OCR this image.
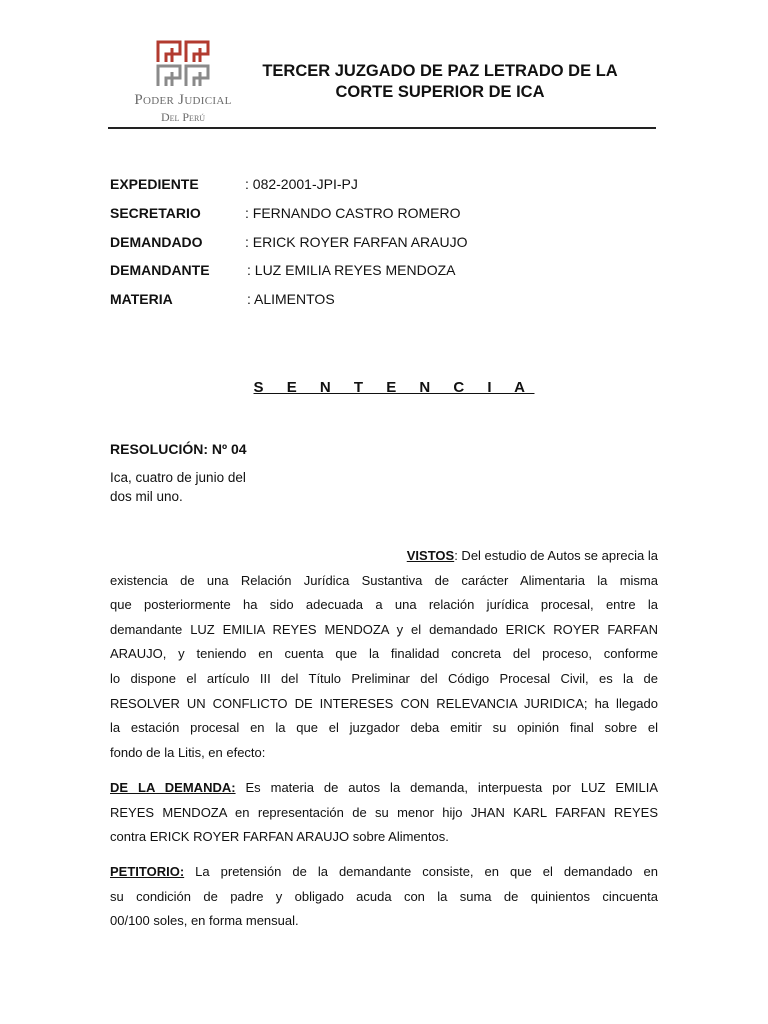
Poder Judicial
Del Perú
TERCER JUZGADO DE PAZ LETRADO DE LA
CORTE SUPERIOR DE ICA
EXPEDIENTE	: 082-2001-JPI-PJ
SECRETARIO	: FERNANDO CASTRO ROMERO
DEMANDADO	: ERICK ROYER FARFAN ARAUJO
DEMANDANTE	: LUZ EMILIA REYES MENDOZA
MATERIA	: ALIMENTOS
S E N T E N C I A
RESOLUCIÓN: Nº 04
Ica, cuatro de junio del
dos mil uno.
VISTOS: Del estudio de Autos se aprecia la
existencia de una Relación Jurídica Sustantiva de carácter Alimentaria la misma
que posteriormente ha sido adecuada a una relación jurídica procesal, entre la
demandante LUZ EMILIA REYES MENDOZA y el demandado ERICK ROYER FARFAN
ARAUJO, y teniendo en cuenta que la finalidad concreta del proceso, conforme
lo dispone el artículo III del Título Preliminar del Código Procesal Civil, es la de
RESOLVER UN CONFLICTO DE INTERESES CON RELEVANCIA JURIDICA; ha llegado
la estación procesal en la que el juzgador deba emitir su opinión final sobre el
fondo de la Litis, en efecto:
DE LA DEMANDA: Es materia de autos la demanda, interpuesta por LUZ EMILIA
REYES MENDOZA en representación de su menor hijo JHAN KARL FARFAN REYES
contra ERICK ROYER FARFAN ARAUJO sobre Alimentos.
PETITORIO: La pretensión de la demandante consiste, en que el demandado en
su condición de padre y obligado acuda con la suma de quinientos cincuenta
00/100 soles, en forma mensual.
